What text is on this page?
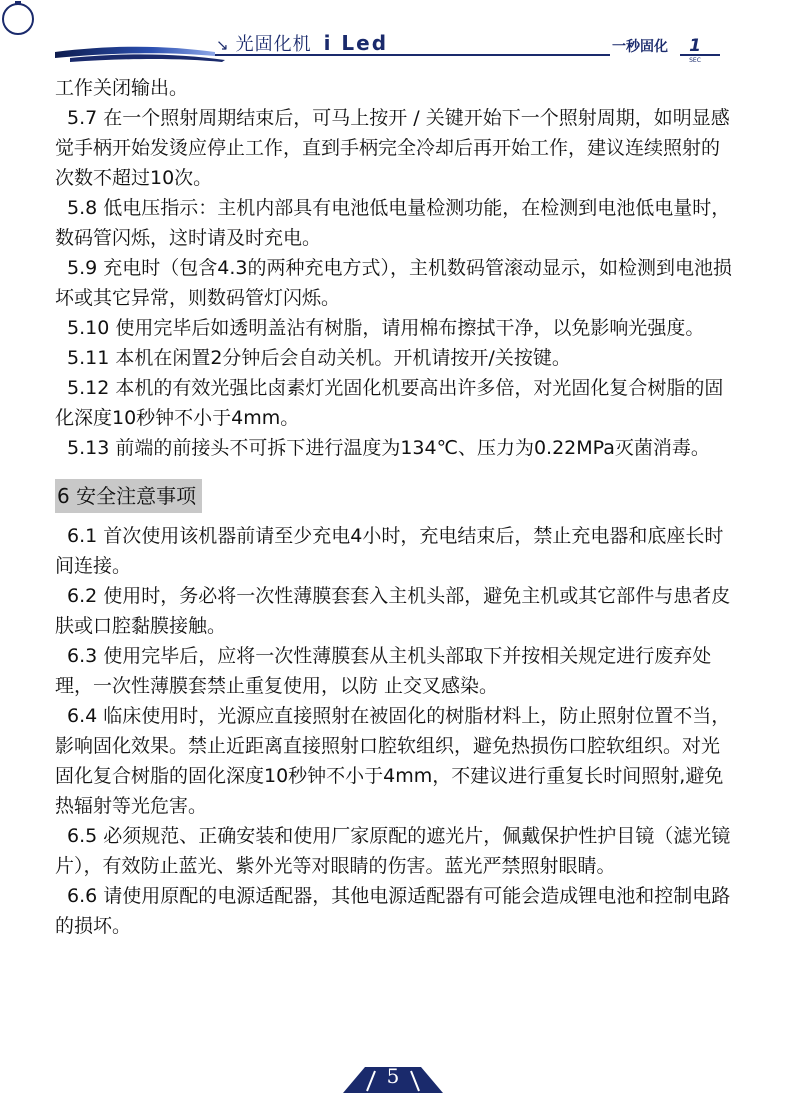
↘ 光固化机 i Led	一秒固化	1
SEC

工作关闭输出。

5.7 在一个照射周期结束后，可马上按开 / 关键开始下一个照射周期，如明显感觉手柄开始发烫应停止工作，直到手柄完全冷却后再开始工作，建议连续照射的次数不超过10次。

5.8 低电压指示：主机内部具有电池低电量检测功能，在检测到电池低电量时，数码管闪烁，这时请及时充电。

5.9 充电时（包含4.3的两种充电方式），主机数码管滚动显示，如检测到电池损坏或其它异常，则数码管灯闪烁。

5.10 使用完毕后如透明盖沾有树脂，请用棉布擦拭干净，以免影响光强度。

5.11 本机在闲置2分钟后会自动关机。开机请按开/关按键。

5.12 本机的有效光强比卤素灯光固化机要高出许多倍，对光固化复合树脂的固化深度10秒钟不小于4mm。

5.13 前端的前接头不可拆下进行温度为134℃、压力为0.22MPa灭菌消毒。

6 安全注意事项

6.1 首次使用该机器前请至少充电4小时，充电结束后，禁止充电器和底座长时间连接。

6.2 使用时，务必将一次性薄膜套套入主机头部，避免主机或其它部件与患者皮肤或口腔黏膜接触。

6.3 使用完毕后，应将一次性薄膜套从主机头部取下并按相关规定进行废弃处理，一次性薄膜套禁止重复使用，以防 止交叉感染。

6.4 临床使用时，光源应直接照射在被固化的树脂材料上，防止照射位置不当，影响固化效果。禁止近距离直接照射口腔软组织，避免热损伤口腔软组织。对光固化复合树脂的固化深度10秒钟不小于4mm，不建议进行重复长时间照射,避免热辐射等光危害。

6.5 必须规范、正确安装和使用厂家原配的遮光片，佩戴保护性护目镜（滤光镜片），有效防止蓝光、紫外光等对眼睛的伤害。蓝光严禁照射眼睛。

6.6 请使用原配的电源适配器，其他电源适配器有可能会造成锂电池和控制电路的损坏。

5
